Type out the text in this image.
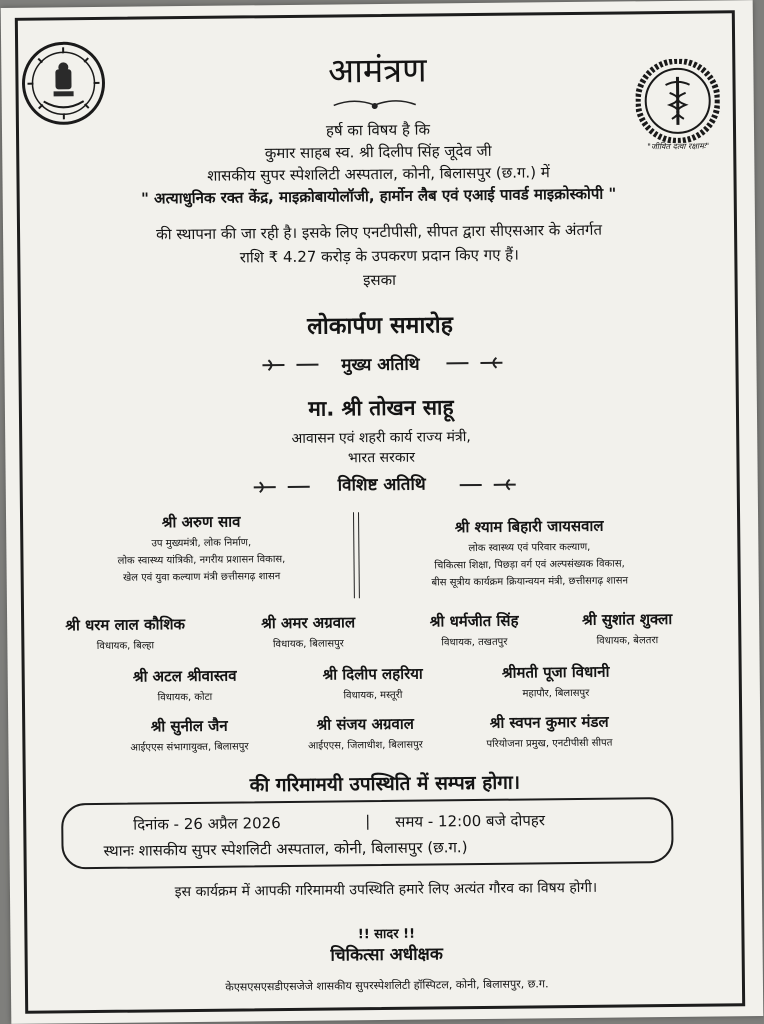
"जीवितं दत्वा रक्षामः"
आमंत्रण
हर्ष का विषय है कि
कुमार साहब स्व. श्री दिलीप सिंह जूदेव जी
शासकीय सुपर स्पेशलिटी अस्पताल, कोनी, बिलासपुर (छ.ग.) में
" अत्याधुनिक रक्त केंद्र, माइक्रोबायोलॉजी, हार्मोन लैब एवं एआई पावर्ड माइक्रोस्कोपी "
की स्थापना की जा रही है। इसके लिए एनटीपीसी, सीपत द्वारा सीएसआर के अंतर्गत
राशि ₹ 4.27 करोड़ के उपकरण प्रदान किए गए हैं।
इसका
लोकार्पण समारोह
मुख्य अतिथि
मा. श्री तोखन साहू
आवासन एवं शहरी कार्य राज्य मंत्री,
भारत सरकार
विशिष्ट अतिथि
श्री अरुण साव
उप मुख्यमंत्री, लोक निर्माण,
लोक स्वास्थ्य यांत्रिकी, नगरीय प्रशासन विकास,
खेल एवं युवा कल्याण मंत्री छत्तीसगढ़ शासन
श्री श्याम बिहारी जायसवाल
लोक स्वास्थ्य एवं परिवार कल्याण,
चिकित्सा शिक्षा, पिछड़ा वर्ग एवं अल्पसंख्यक विकास,
बीस सूत्रीय कार्यक्रम क्रियान्वयन मंत्री, छत्तीसगढ़ शासन
श्री धरम लाल कौशिक
विधायक, बिल्हा
श्री अमर अग्रवाल
विधायक, बिलासपुर
श्री धर्मजीत सिंह
विधायक, तखतपुर
श्री सुशांत शुक्ला
विधायक, बेलतरा
श्री अटल श्रीवास्तव
विधायक, कोटा
श्री दिलीप लहरिया
विधायक, मस्तूरी
श्रीमती पूजा विधानी
महापौर, बिलासपुर
श्री सुनील जैन
आईएएस संभागायुक्त, बिलासपुर
श्री संजय अग्रवाल
आईएएस, जिलाधीश, बिलासपुर
श्री स्वपन कुमार मंडल
परियोजना प्रमुख, एनटीपीसी सीपत
की गरिमामयी उपस्थिति में सम्पन्न होगा।
दिनांक - 26 अप्रैल 2026	| समय - 12:00 बजे दोपहर
स्थानः शासकीय सुपर स्पेशलिटी अस्पताल, कोनी, बिलासपुर (छ.ग.)
इस कार्यक्रम में आपकी गरिमामयी उपस्थिति हमारे लिए अत्यंत गौरव का विषय होगी।
!! सादर !!
चिकित्सा अधीक्षक
केएसएसएसडीएसजेजे शासकीय सुपरस्पेशलिटी हॉस्पिटल, कोनी, बिलासपुर, छ.ग.
